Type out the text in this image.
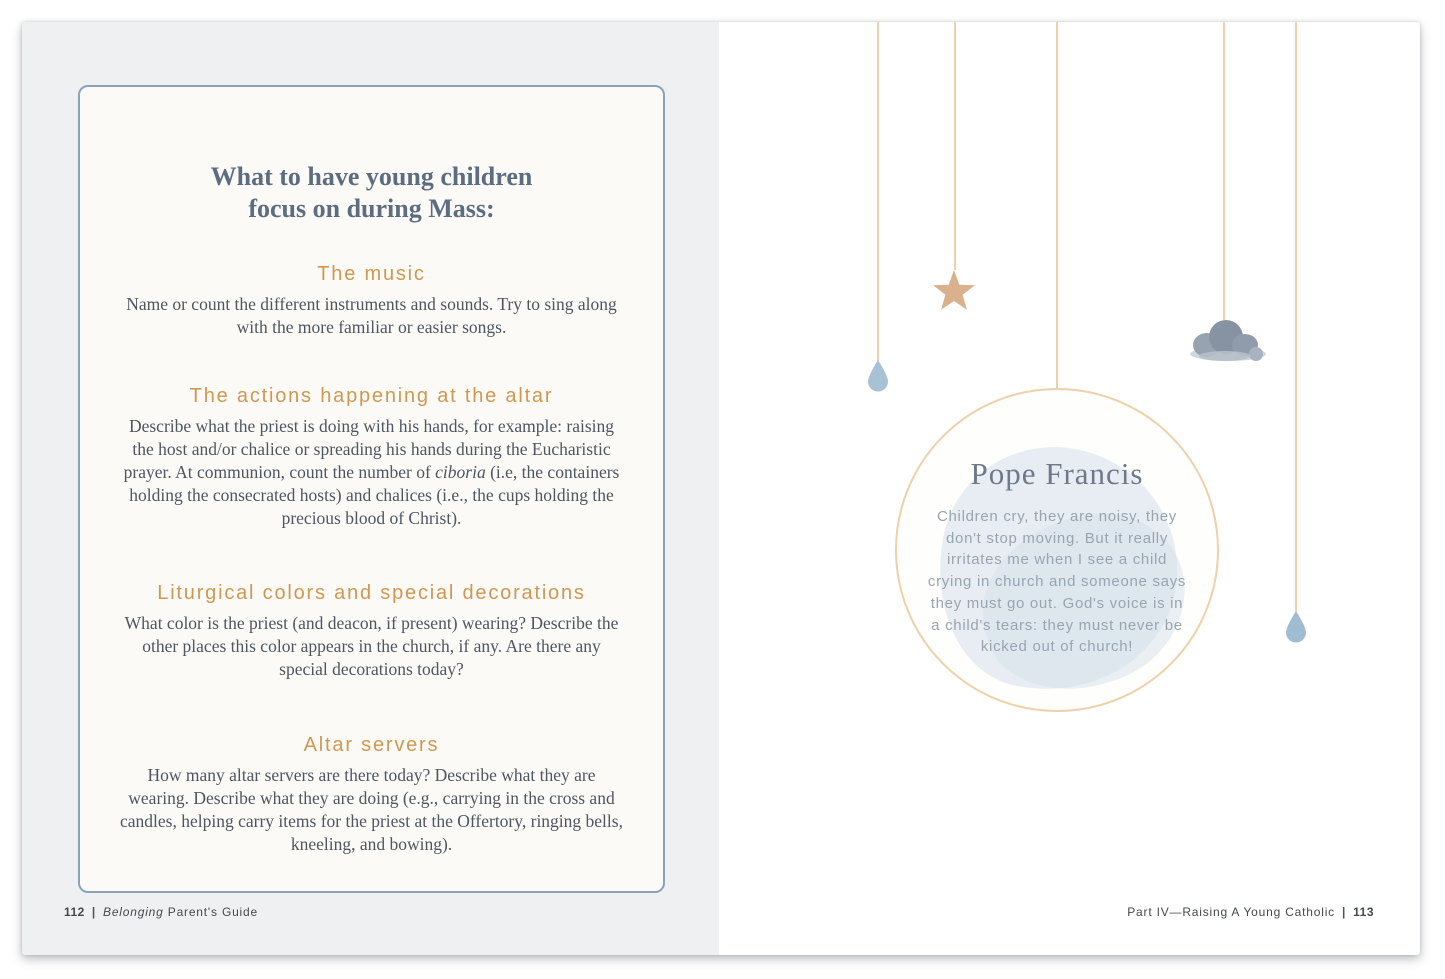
What to have young children
focus on during Mass:
The music
Name or count the different instruments and sounds. Try to sing along with the more familiar or easier songs.
The actions happening at the altar
Describe what the priest is doing with his hands, for example: raising the host and/or chalice or spreading his hands during the Eucharistic prayer. At communion, count the number of ciboria (i.e, the containers holding the consecrated hosts) and chalices (i.e., the cups holding the precious blood of Christ).
Liturgical colors and special decorations
What color is the priest (and deacon, if present) wearing? Describe the other places this color appears in the church, if any. Are there any special decorations today?
Altar servers
How many altar servers are there today? Describe what they are wearing. Describe what they are doing (e.g., carrying in the cross and candles, helping carry items for the priest at the Offertory, ringing bells, kneeling, and bowing).
112 | Belonging Parent's Guide
Pope Francis
Children cry, they are noisy, they don't stop moving. But it really irritates me when I see a child crying in church and someone says they must go out. God's voice is in a child's tears: they must never be kicked out of church!
Part IV—Raising A Young Catholic | 113
